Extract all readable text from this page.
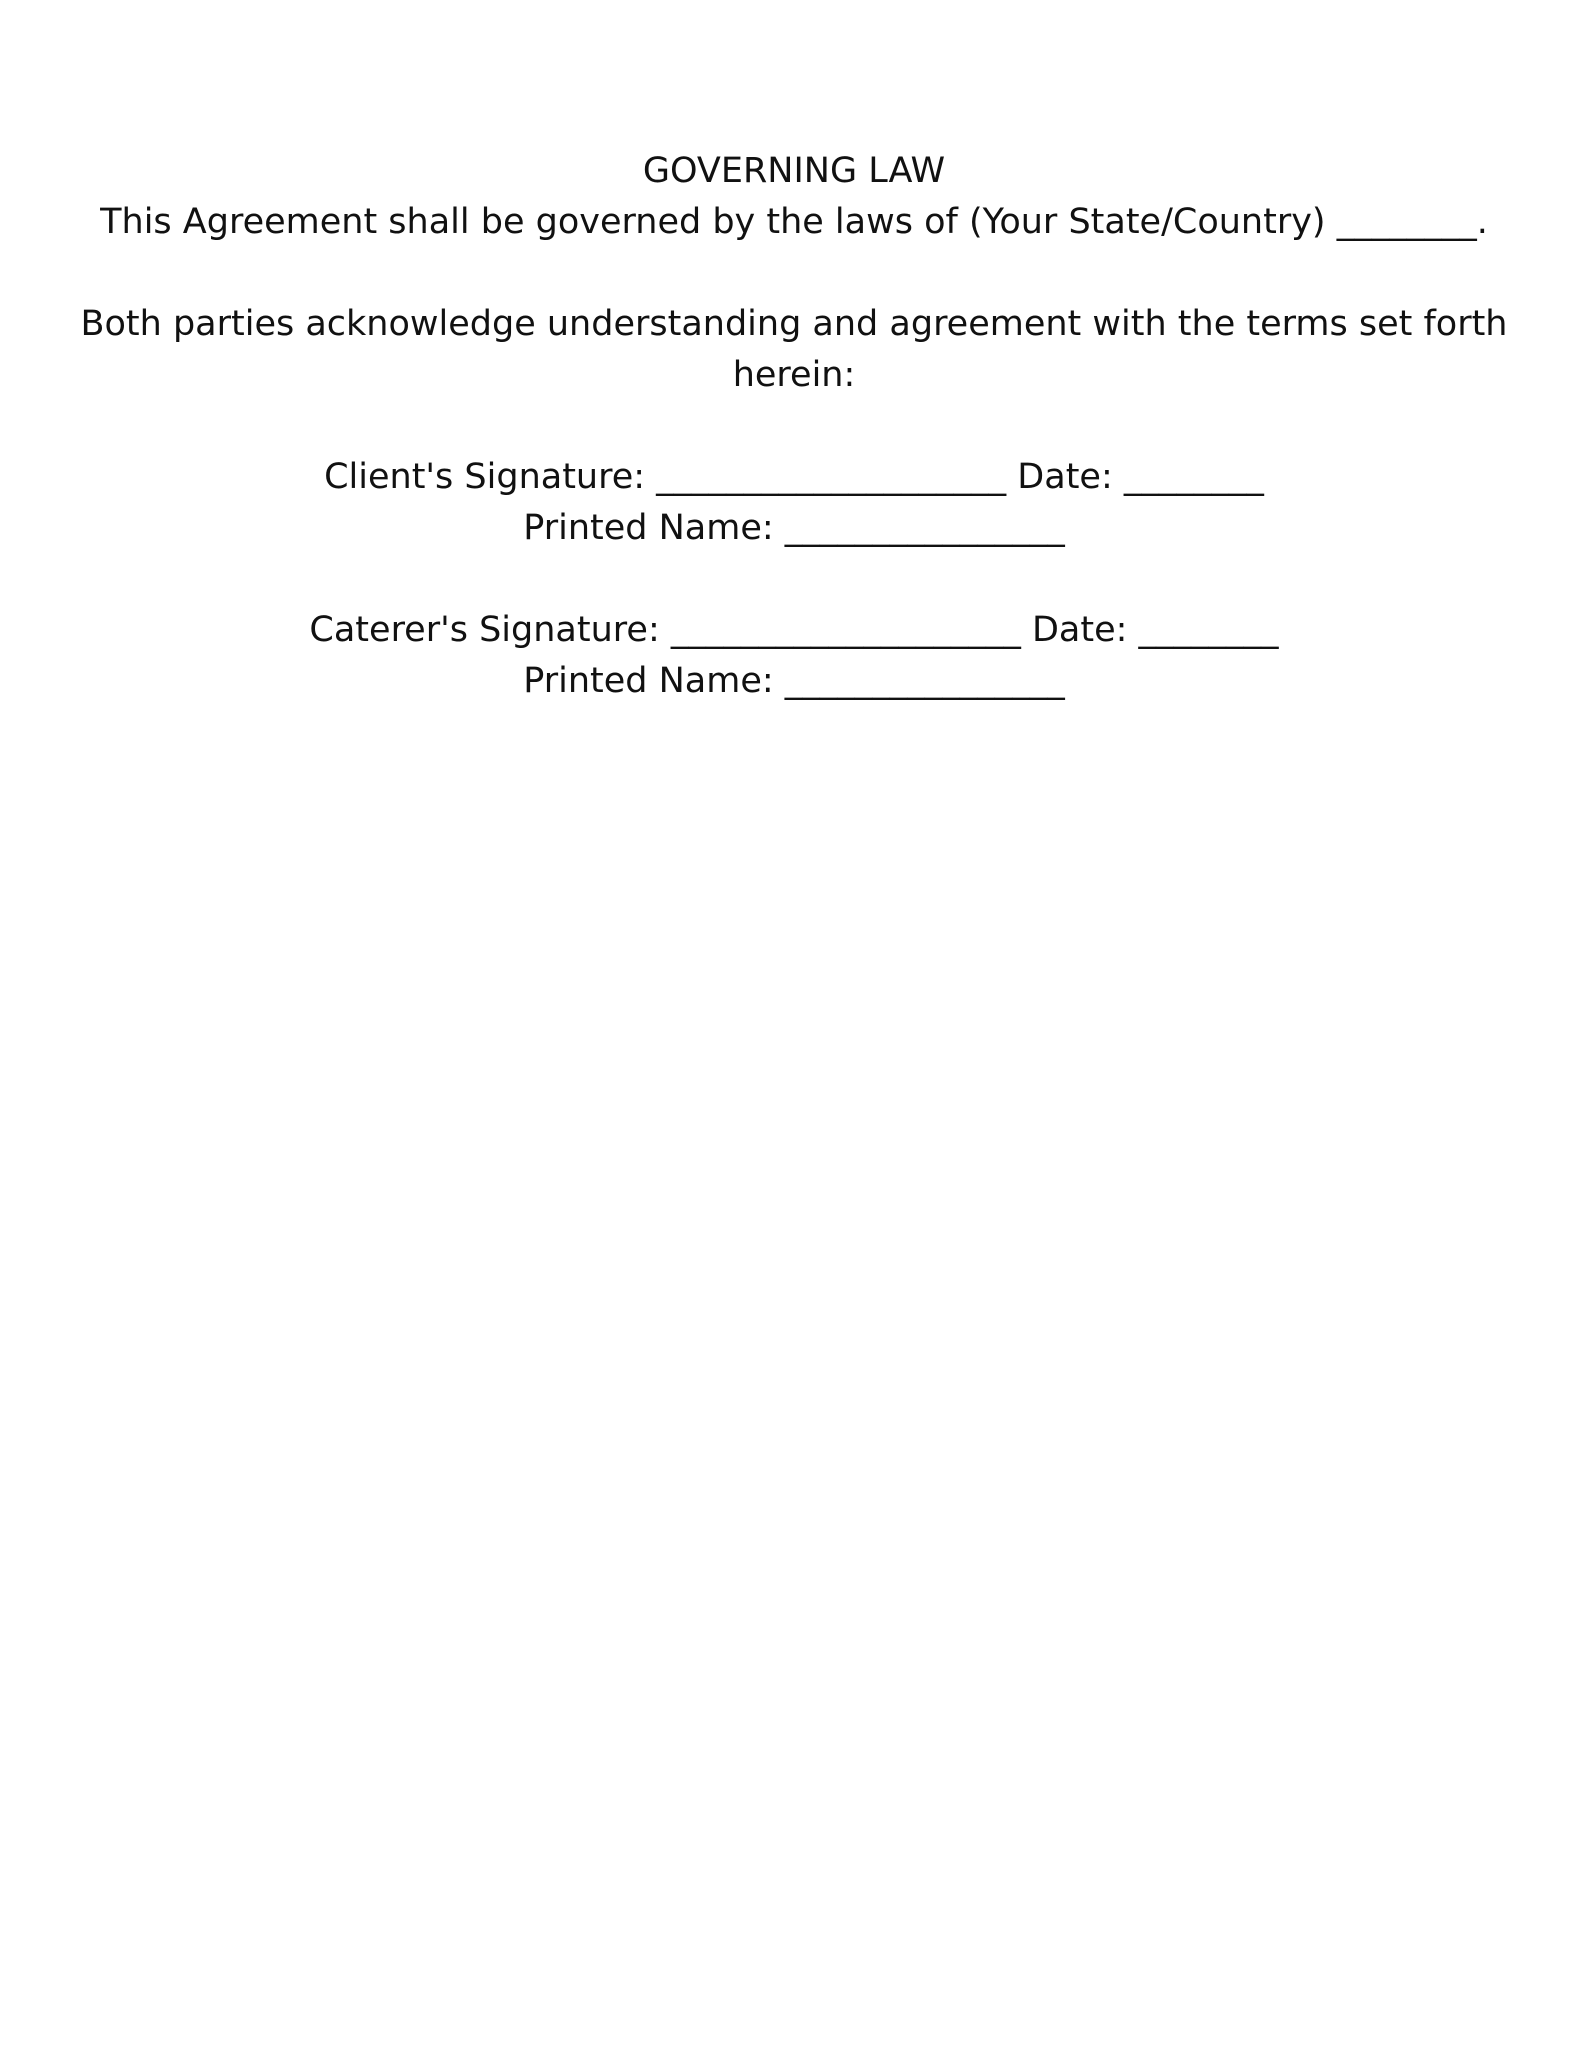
GOVERNING LAW
This Agreement shall be governed by the laws of (Your State/Country) ________.
Both parties acknowledge understanding and agreement with the terms set forth
herein:
Client's Signature: ____________________ Date: ________
Printed Name: ________________
Caterer's Signature: ____________________ Date: ________
Printed Name: ________________
